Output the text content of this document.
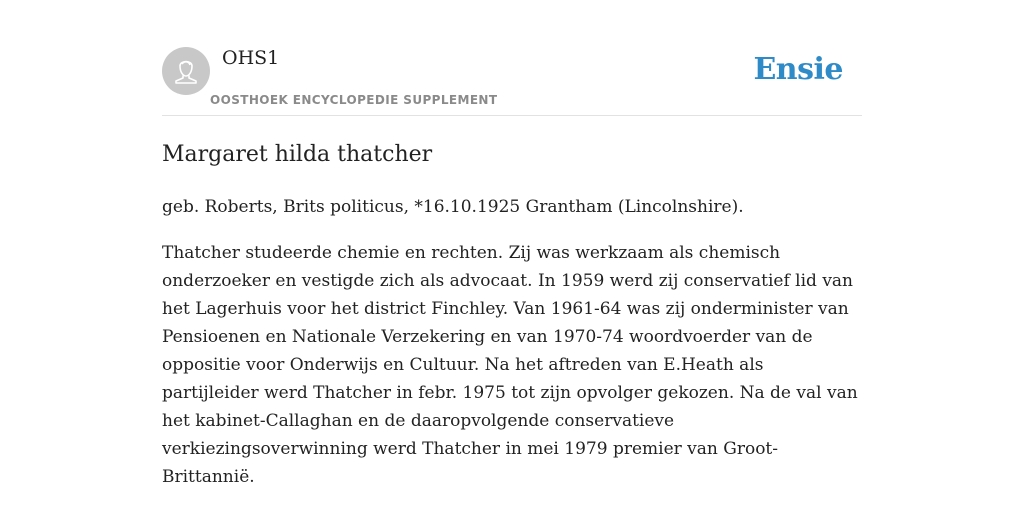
OHS1
OOSTHOEK ENCYCLOPEDIE SUPPLEMENT
Ensie
Margaret hilda thatcher

geb. Roberts, Brits politicus, *16.10.1925 Grantham (Lincolnshire).

Thatcher studeerde chemie en rechten. Zij was werkzaam als chemisch onderzoeker en vestigde zich als advocaat. In 1959 werd zij conservatief lid van het Lagerhuis voor het district Finchley. Van 1961-64 was zij onderminister van Pensioenen en Nationale Verzekering en van 1970-74 woordvoerder van de oppositie voor Onderwijs en Cultuur. Na het aftreden van E.Heath als partijleider werd Thatcher in febr. 1975 tot zijn opvolger gekozen. Na de val van het kabinet-Callaghan en de daaropvolgende conservatieve verkiezingsoverwinning werd Thatcher in mei 1979 premier van Groot-Brittannië.
